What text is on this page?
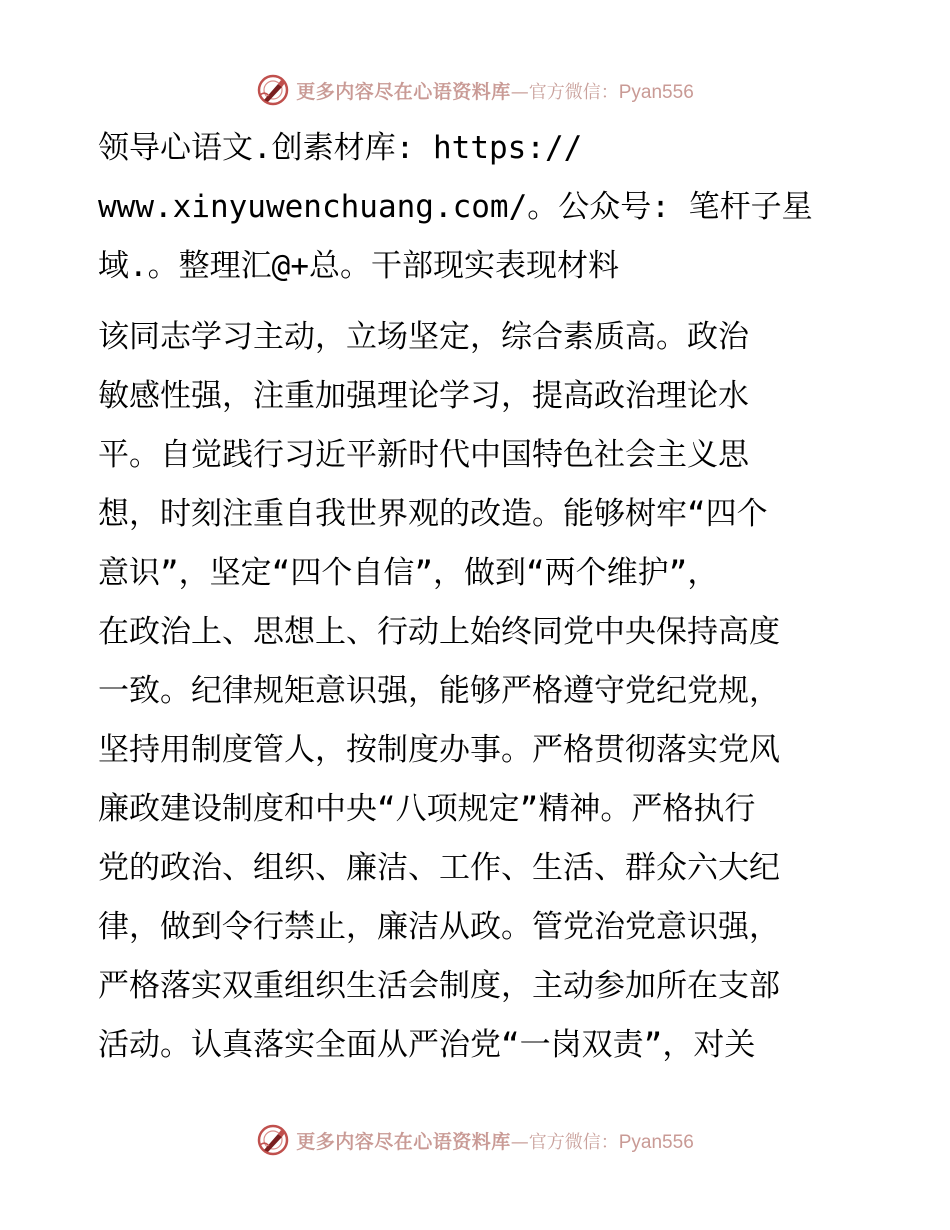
更多内容尽在心语资料库 —官方微信： Pyan556
领导心语文.创素材库: https://
www.xinyuwenchuang.com/。公众号: 笔杆子星
域.。整理汇@+总。干部现实表现材料
该同志学习主动，立场坚定，综合素质高。政治
敏感性强，注重加强理论学习，提高政治理论水
平。自觉践行习近平新时代中国特色社会主义思
想，时刻注重自我世界观的改造。能够树牢“四个
意识”，坚定“四个自信”，做到“两个维护”，
在政治上、思想上、行动上始终同党中央保持高度
一致。纪律规矩意识强，能够严格遵守党纪党规，
坚持用制度管人，按制度办事。严格贯彻落实党风
廉政建设制度和中央“八项规定”精神。严格执行
党的政治、组织、廉洁、工作、生活、群众六大纪
律，做到令行禁止，廉洁从政。管党治党意识强，
严格落实双重组织生活会制度，主动参加所在支部
活动。认真落实全面从严治党“一岗双责”，对关
更多内容尽在心语资料库 —官方微信： Pyan556
